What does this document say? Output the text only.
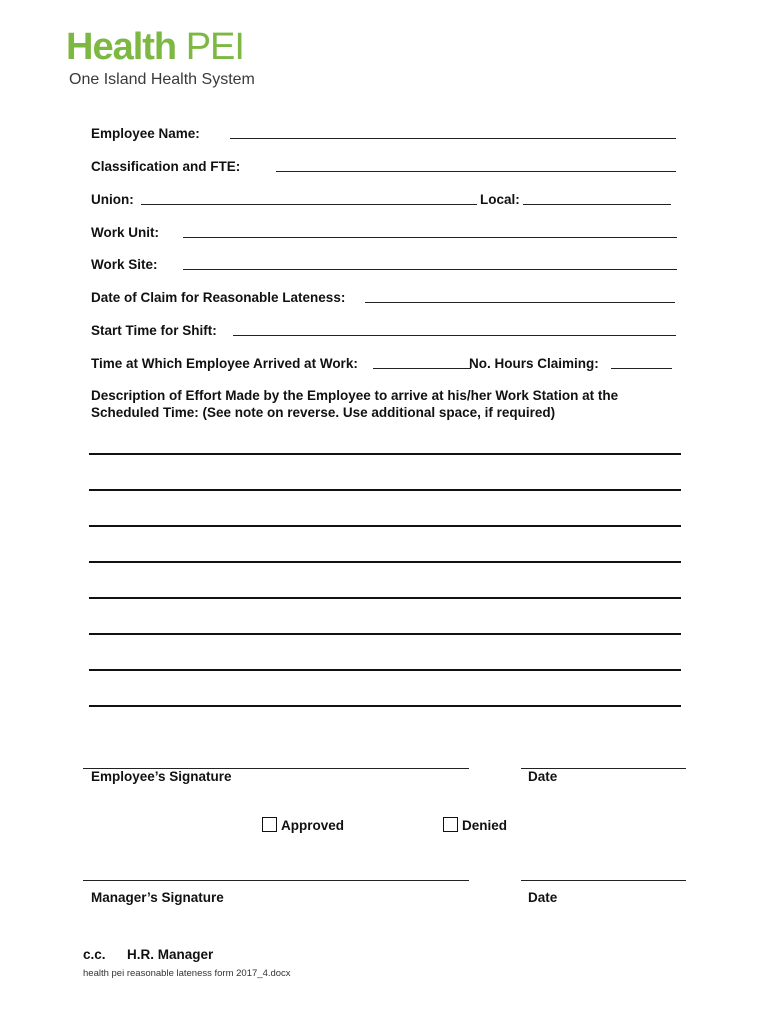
Health PEI
One Island Health System
Employee Name:
Classification and FTE:
Union:	Local:
Work Unit:
Work Site:
Date of Claim for Reasonable Lateness:
Start Time for Shift:
Time at Which Employee Arrived at Work:	No. Hours Claiming:
Description of Effort Made by the Employee to arrive at his/her Work Station at the Scheduled Time: (See note on reverse. Use additional space, if required)
Employee’s Signature	Date
Approved	Denied
Manager’s Signature	Date
c.c. H.R. Manager
health pei reasonable lateness form 2017_4.docx
